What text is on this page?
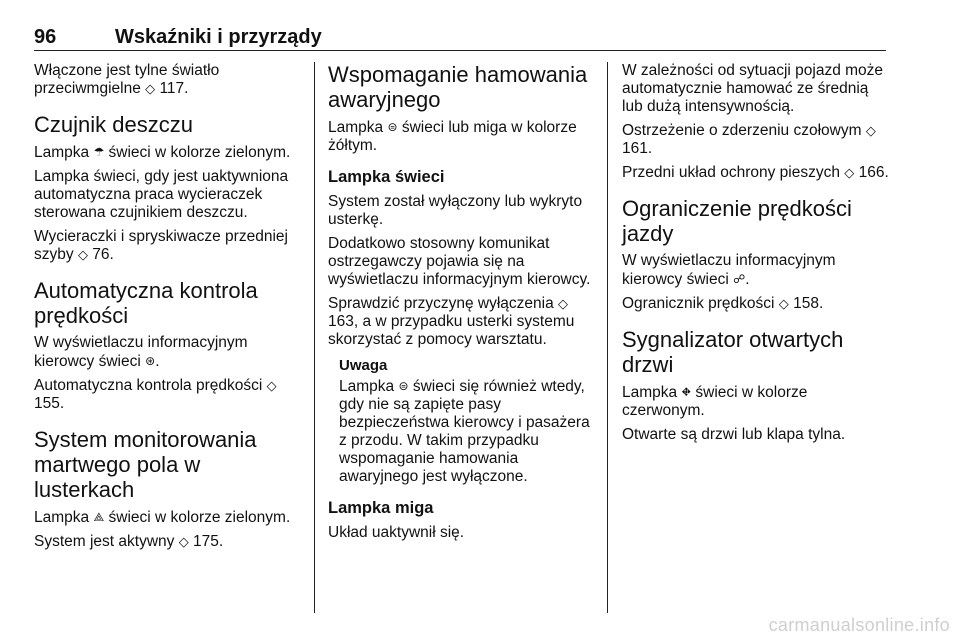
96	Wskaźniki i przyrządy

Włączone jest tylne światło przeciwmgielne ◇ 117.

Czujnik deszczu

Lampka ☂ świeci w kolorze zielonym.

Lampka świeci, gdy jest uaktywniona automatyczna praca wycieraczek sterowana czujnikiem deszczu.

Wycieraczki i spryskiwacze przedniej szyby ◇ 76.

Automatyczna kontrola prędkości

W wyświetlaczu informacyjnym kierowcy świeci ⊛.

Automatyczna kontrola prędkości ◇ 155.

System monitorowania martwego pola w lusterkach

Lampka ⟁ świeci w kolorze zielonym.

System jest aktywny ◇ 175.

Wspomaganie hamowania awaryjnego

Lampka ⊜ świeci lub miga w kolorze żółtym.

Lampka świeci

System został wyłączony lub wykryto usterkę.

Dodatkowo stosowny komunikat ostrzegawczy pojawia się na wyświetlaczu informacyjnym kierowcy.

Sprawdzić przyczynę wyłączenia ◇ 163, a w przypadku usterki systemu skorzystać z pomocy warsztatu.

Uwaga

Lampka ⊜ świeci się również wtedy, gdy nie są zapięte pasy bezpieczeństwa kierowcy i pasażera z przodu. W takim przypadku wspomaganie hamowania awaryjnego jest wyłączone.

Lampka miga

Układ uaktywnił się.

W zależności od sytuacji pojazd może automatycznie hamować ze średnią lub dużą intensywnością.

Ostrzeżenie o zderzeniu czołowym ◇ 161.

Przedni układ ochrony pieszych ◇ 166.

Ograniczenie prędkości jazdy

W wyświetlaczu informacyjnym kierowcy świeci ☍.

Ogranicznik prędkości ◇ 158.

Sygnalizator otwartych drzwi

Lampka ⛖ świeci w kolorze czerwonym.

Otwarte są drzwi lub klapa tylna.

carmanualsonline.info
